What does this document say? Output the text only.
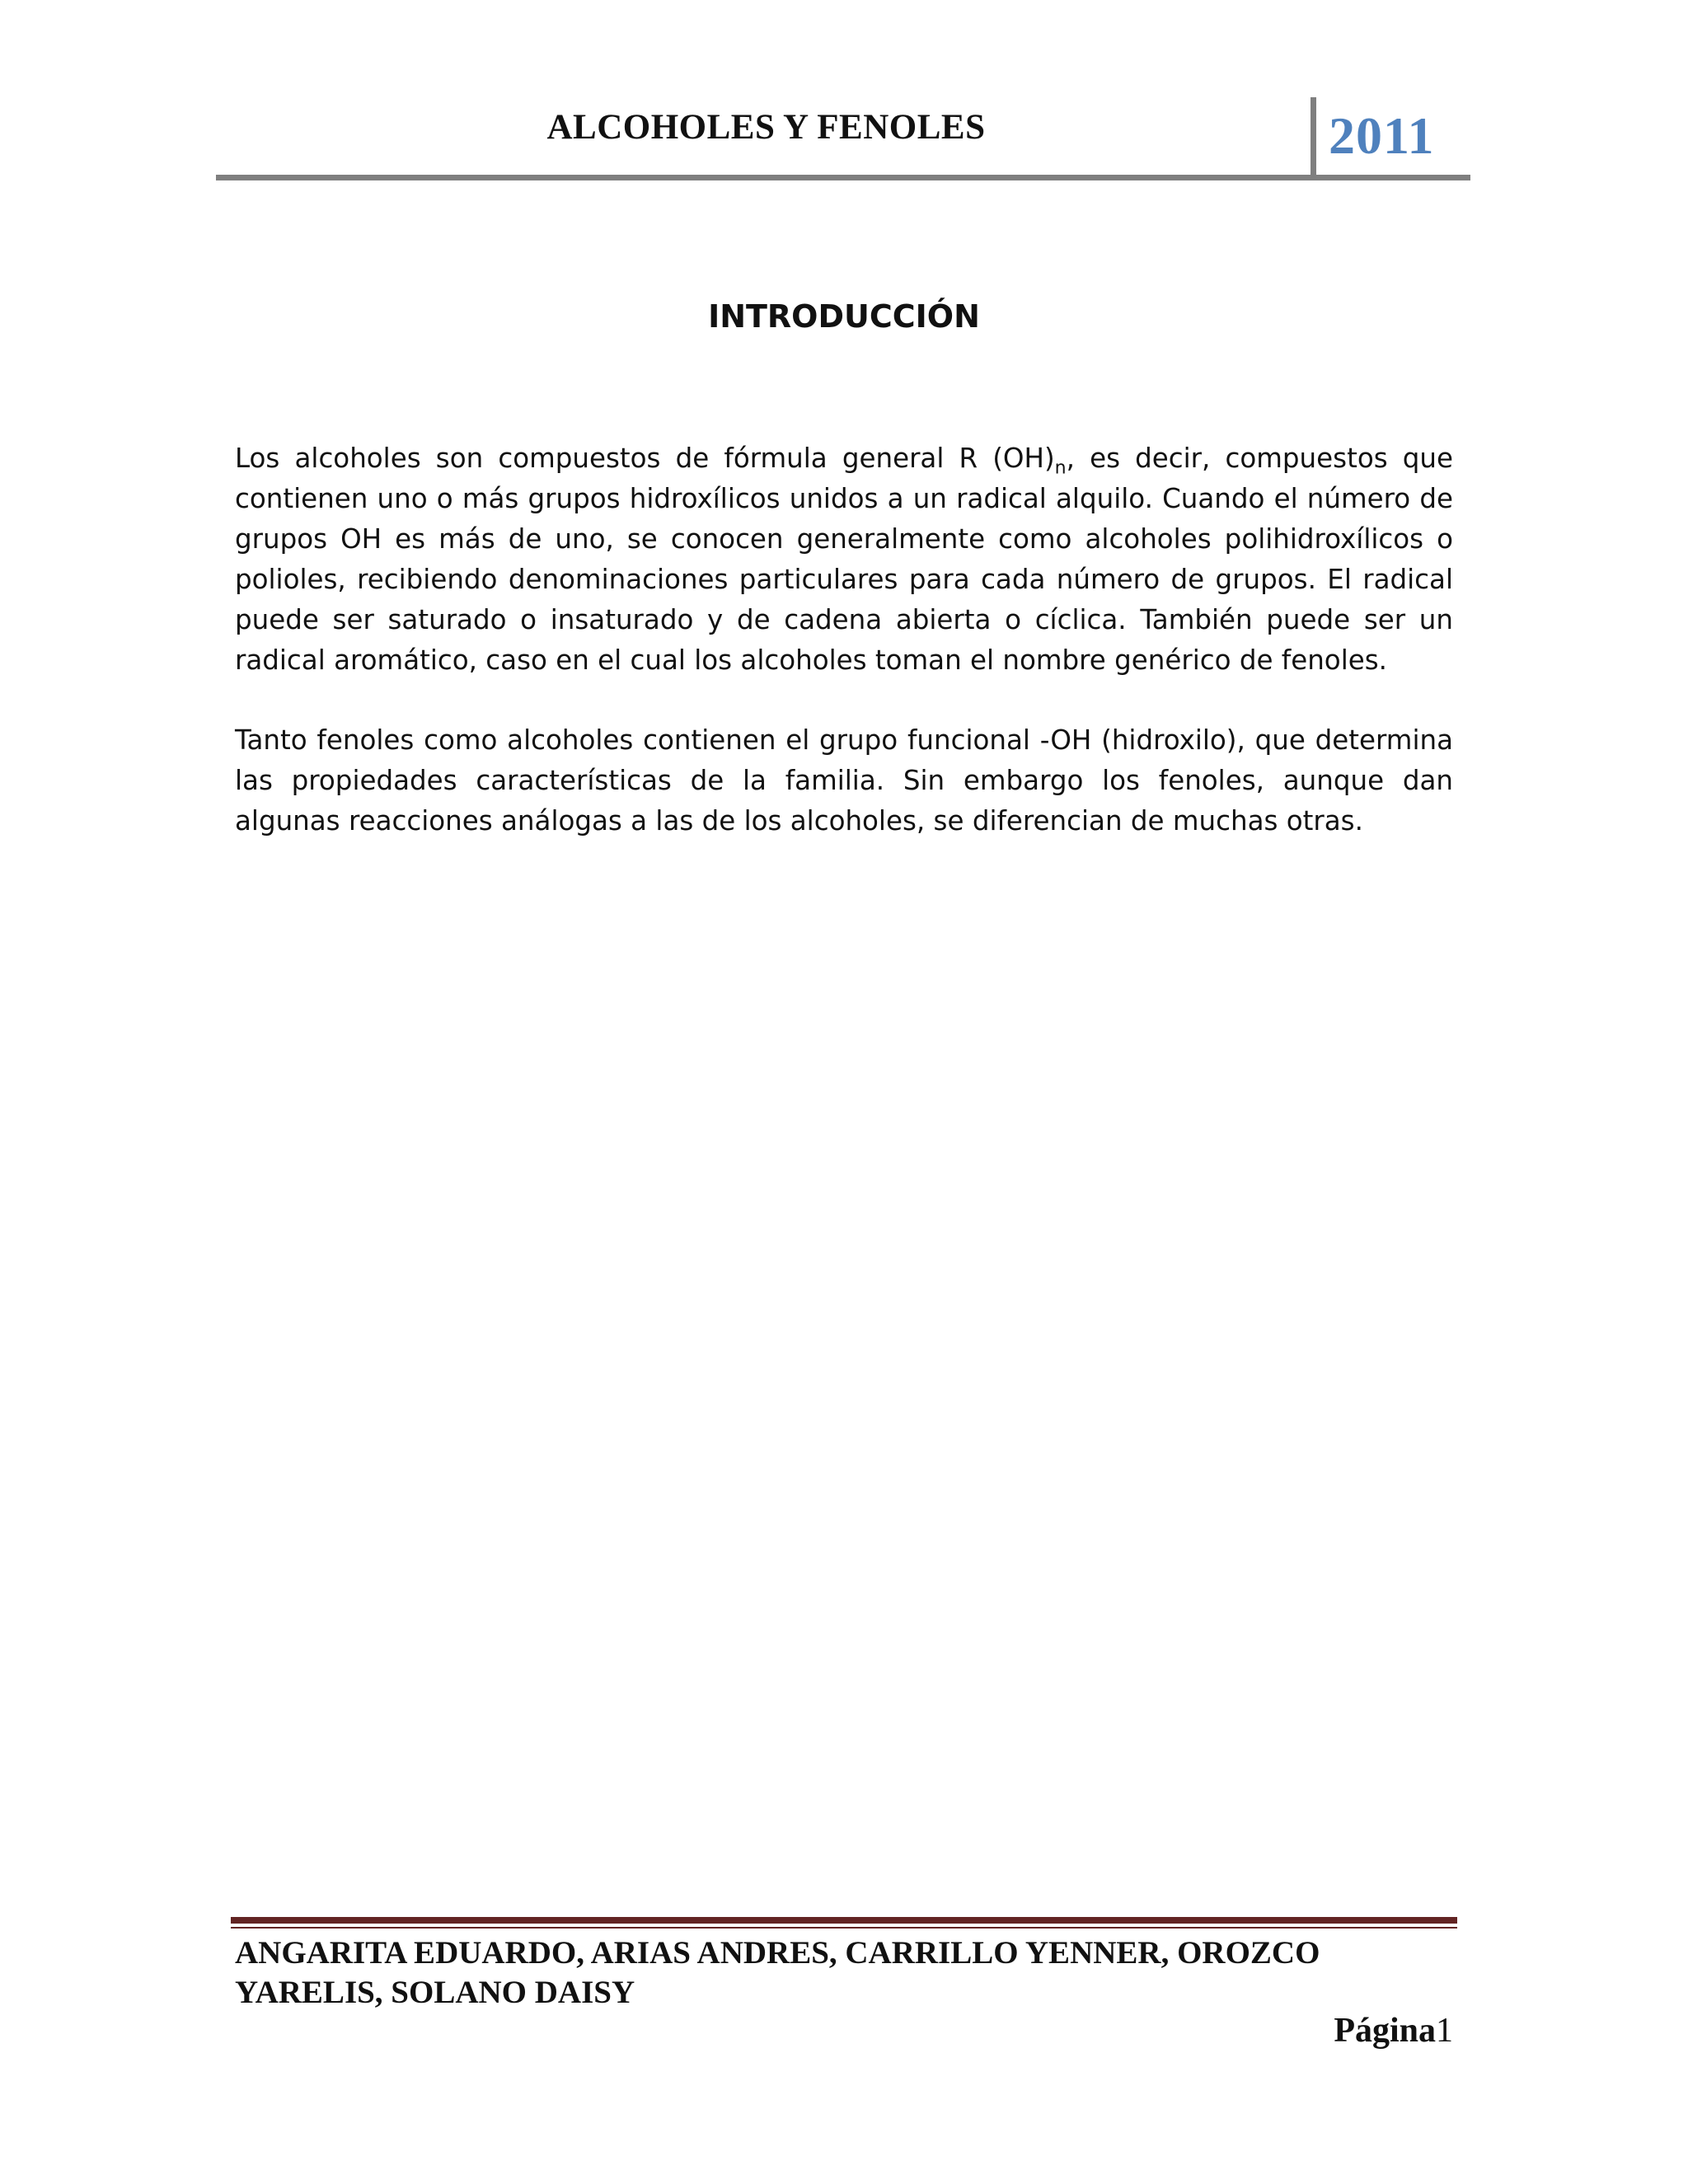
ALCOHOLES Y FENOLES	2011
INTRODUCCIÓN
Los alcoholes son compuestos de fórmula general R $(OH)_n$, es decir, compuestos que contienen uno o más grupos hidroxílicos unidos a un radical alquilo. Cuando el número de grupos OH es más de uno, se conocen generalmente como alcoholes polihidroxílicos o polioles, recibiendo denominaciones particulares para cada número de grupos. El radical puede ser saturado o insaturado y de cadena abierta o cíclica. También puede ser un radical aromático, caso en el cual los alcoholes toman el nombre genérico de fenoles.
Tanto fenoles como alcoholes contienen el grupo funcional -OH (hidroxilo), que determina las propiedades características de la familia. Sin embargo los fenoles, aunque dan algunas reacciones análogas a las de los alcoholes, se diferencian de muchas otras.
ANGARITA EDUARDO, ARIAS ANDRES, CARRILLO YENNER, OROZCO YARELIS, SOLANO DAISY
Página1
